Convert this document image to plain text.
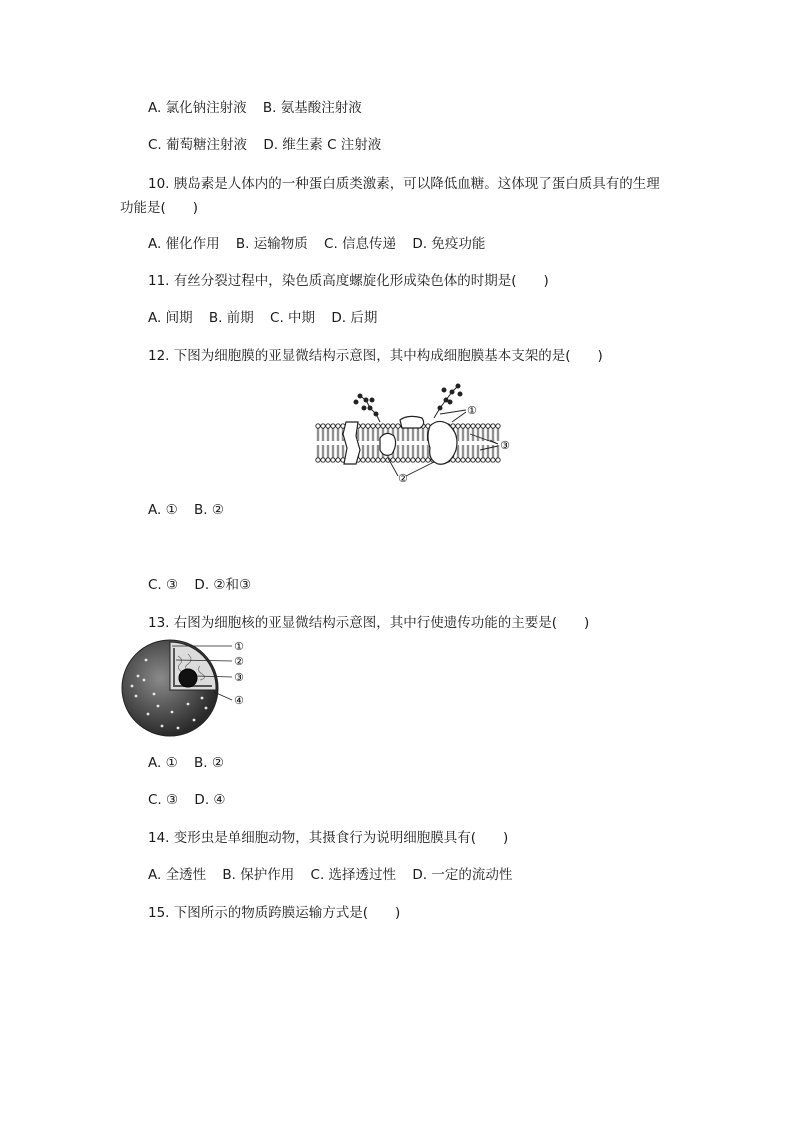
A. 氯化钠注射液 B. 氨基酸注射液
C. 葡萄糖注射液 D. 维生素 C 注射液
10. 胰岛素是人体内的一种蛋白质类激素，可以降低血糖。这体现了蛋白质具有的生理
功能是(　　)
A. 催化作用 B. 运输物质 C. 信息传递 D. 免疫功能
11. 有丝分裂过程中，染色质高度螺旋化形成染色体的时期是(　　)
A. 间期 B. 前期 C. 中期 D. 后期
12. 下图为细胞膜的亚显微结构示意图，其中构成细胞膜基本支架的是(　　)
①
②
③
A. ① B. ②
C. ③ D. ②和③
13. 右图为细胞核的亚显微结构示意图，其中行使遗传功能的主要是(　　)
①
②
③
④
A. ① B. ②
C. ③ D. ④
14. 变形虫是单细胞动物，其摄食行为说明细胞膜具有(　　)
A. 全透性 B. 保护作用 C. 选择透过性 D. 一定的流动性
15. 下图所示的物质跨膜运输方式是(　　)
